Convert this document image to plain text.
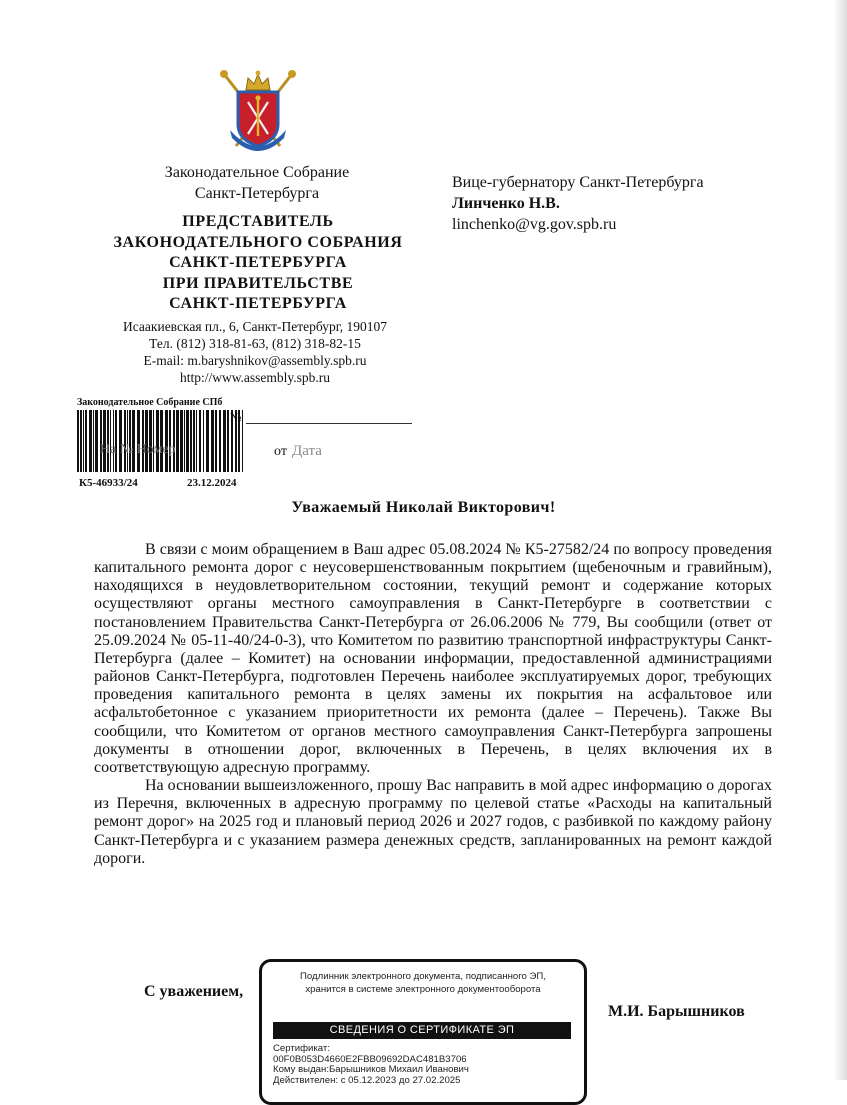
Законодательное Собрание
Санкт-Петербурга
ПРЕДСТАВИТЕЛЬ
ЗАКОНОДАТЕЛЬНОГО СОБРАНИЯ
САНКТ-ПЕТЕРБУРГА
ПРИ ПРАВИТЕЛЬСТВЕ
САНКТ-ПЕТЕРБУРГА
Исаакиевская пл., 6, Санкт-Петербург, 190107
Тел. (812) 318-81-63, (812) 318-82-15
E-mail: m.baryshnikov@assembly.spb.ru
http://www.assembly.spb.ru
Вице-губернатору Санкт-Петербурга
Линченко Н.В.
linchenko@vg.gov.spb.ru
Законодательное Собрание СПб
На № Номер
№
К5-46933/24	23.12.2024
от Дата
Уважаемый Николай Викторович!

В связи с моим обращением в Ваш адрес 05.08.2024 № К5-27582/24 по вопросу проведения капитального ремонта дорог с неусовершенствованным покрытием (щебеночным и гравийным), находящихся в неудовлетворительном состоянии, текущий ремонт и содержание которых осуществляют органы местного самоуправления в Санкт-Петербурге в соответствии с постановлением Правительства Санкт-Петербурга от 26.06.2006 № 779, Вы сообщили (ответ от 25.09.2024 № 05-11-40/24-0-3), что Комитетом по развитию транспортной инфраструктуры Санкт-Петербурга (далее – Комитет) на основании информации, предоставленной администрациями районов Санкт-Петербурга, подготовлен Перечень наиболее эксплуатируемых дорог, требующих проведения капитального ремонта в целях замены их покрытия на асфальтовое или асфальтобетонное с указанием приоритетности их ремонта (далее – Перечень). Также Вы сообщили, что Комитетом от органов местного самоуправления Санкт-Петербурга запрошены документы в отношении дорог, включенных в Перечень, в целях включения их в соответствующую адресную программу.

На основании вышеизложенного, прошу Вас направить в мой адрес информацию о дорогах из Перечня, включенных в адресную программу по целевой статье «Расходы на капитальный ремонт дорог» на 2025 год и плановый период 2026 и 2027 годов, с разбивкой по каждому району Санкт-Петербурга и с указанием размера денежных средств, запланированных на ремонт каждой дороги.

С уважением,
М.И. Барышников
Подлинник электронного документа, подписанного ЭП,
хранится в системе электронного документооборота
СВЕДЕНИЯ О СЕРТИФИКАТЕ ЭП
Сертификат:
00F0B053D4660E2FBB09692DAC481B3706
Кому выдан:Барышников Михаил Иванович
Действителен: с 05.12.2023 до 27.02.2025
